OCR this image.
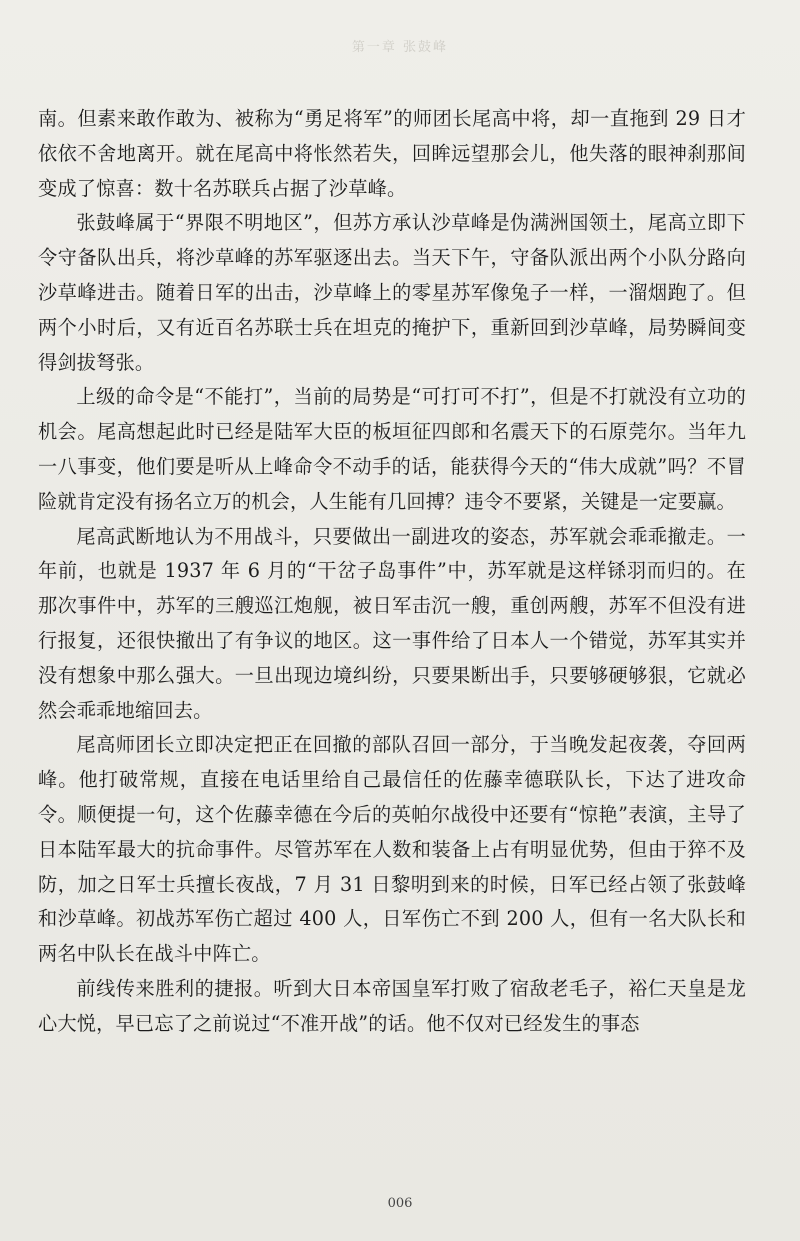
第一章 张鼓峰

南。但素来敢作敢为、被称为“勇足将军”的师团长尾高中将，却一直拖到 29 日才依依不舍地离开。就在尾高中将怅然若失，回眸远望那会儿，他失落的眼神刹那间变成了惊喜：数十名苏联兵占据了沙草峰。

张鼓峰属于“界限不明地区”，但苏方承认沙草峰是伪满洲国领土，尾高立即下令守备队出兵，将沙草峰的苏军驱逐出去。当天下午，守备队派出两个小队分路向沙草峰进击。随着日军的出击，沙草峰上的零星苏军像兔子一样，一溜烟跑了。但两个小时后，又有近百名苏联士兵在坦克的掩护下，重新回到沙草峰，局势瞬间变得剑拔弩张。

上级的命令是“不能打”，当前的局势是“可打可不打”，但是不打就没有立功的机会。尾高想起此时已经是陆军大臣的板垣征四郎和名震天下的石原莞尔。当年九一八事变，他们要是听从上峰命令不动手的话，能获得今天的“伟大成就”吗？不冒险就肯定没有扬名立万的机会，人生能有几回搏？违令不要紧，关键是一定要赢。

尾高武断地认为不用战斗，只要做出一副进攻的姿态，苏军就会乖乖撤走。一年前，也就是 1937 年 6 月的“干岔子岛事件”中，苏军就是这样铩羽而归的。在那次事件中，苏军的三艘巡江炮舰，被日军击沉一艘，重创两艘，苏军不但没有进行报复，还很快撤出了有争议的地区。这一事件给了日本人一个错觉，苏军其实并没有想象中那么强大。一旦出现边境纠纷，只要果断出手，只要够硬够狠，它就必然会乖乖地缩回去。

尾高师团长立即决定把正在回撤的部队召回一部分，于当晚发起夜袭，夺回两峰。他打破常规，直接在电话里给自己最信任的佐藤幸德联队长，下达了进攻命令。顺便提一句，这个佐藤幸德在今后的英帕尔战役中还要有“惊艳”表演，主导了日本陆军最大的抗命事件。尽管苏军在人数和装备上占有明显优势，但由于猝不及防，加之日军士兵擅长夜战，7 月 31 日黎明到来的时候，日军已经占领了张鼓峰和沙草峰。初战苏军伤亡超过 400 人，日军伤亡不到 200 人，但有一名大队长和两名中队长在战斗中阵亡。

前线传来胜利的捷报。听到大日本帝国皇军打败了宿敌老毛子，裕仁天皇是龙心大悦，早已忘了之前说过“不准开战”的话。他不仅对已经发生的事态

006
